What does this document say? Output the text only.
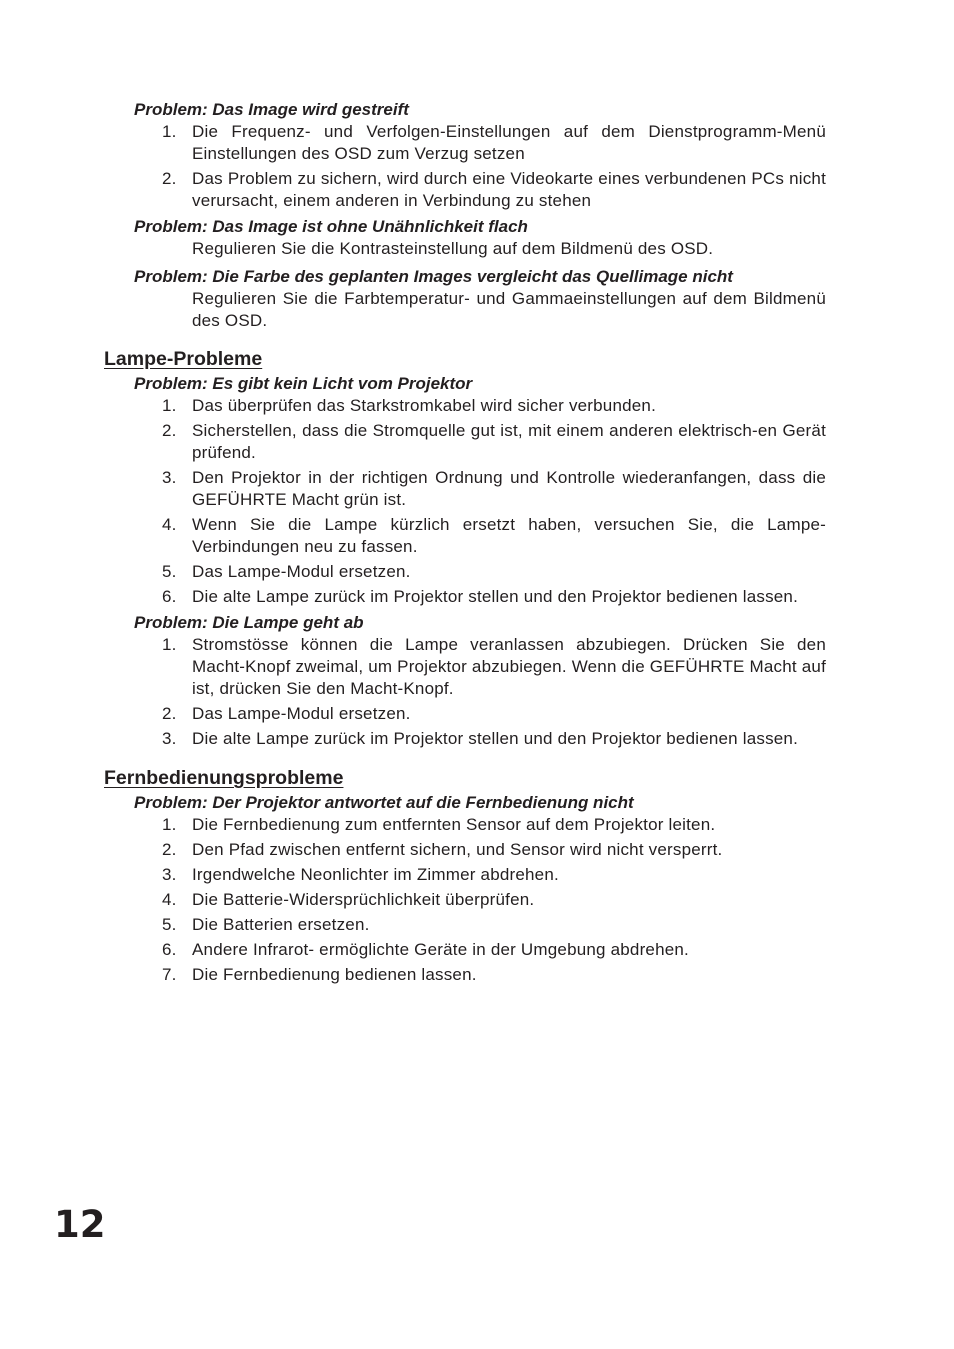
Problem: Das Image wird gestreift
1. Die Frequenz- und Verfolgen-Einstellungen auf dem Dienstprogramm-Menü Einstellungen des OSD zum Verzug setzen
2. Das Problem zu sichern, wird durch eine Videokarte eines verbundenen PCs nicht verursacht, einem anderen in Verbindung zu stehen
Problem: Das Image ist ohne Unähnlichkeit flach
Regulieren Sie die Kontrasteinstellung auf dem Bildmenü des OSD.
Problem: Die Farbe des geplanten Images vergleicht das Quellimage nicht
Regulieren Sie die Farbtemperatur- und Gammaeinstellungen auf dem Bildmenü des OSD.
Lampe-Probleme
Problem: Es gibt kein Licht vom Projektor
1. Das überprüfen das Starkstromkabel wird sicher verbunden.
2. Sicherstellen, dass die Stromquelle gut ist, mit einem anderen elektrisch-en Gerät prüfend.
3. Den Projektor in der richtigen Ordnung und Kontrolle wiederanfangen, dass die GEFÜHRTE Macht grün ist.
4. Wenn Sie die Lampe kürzlich ersetzt haben, versuchen Sie, die Lampe-Verbindungen neu zu fassen.
5. Das Lampe-Modul ersetzen.
6. Die alte Lampe zurück im Projektor stellen und den Projektor bedienen lassen.
Problem: Die Lampe geht ab
1. Stromstösse können die Lampe veranlassen abzubiegen. Drücken Sie den Macht-Knopf zweimal, um Projektor abzubiegen. Wenn die GEFÜHRTE Macht auf ist, drücken Sie den Macht-Knopf.
2. Das Lampe-Modul ersetzen.
3. Die alte Lampe zurück im Projektor stellen und den Projektor bedienen lassen.
Fernbedienungsprobleme
Problem: Der Projektor antwortet auf die Fernbedienung nicht
1. Die Fernbedienung zum entfernten Sensor auf dem Projektor leiten.
2. Den Pfad zwischen entfernt sichern, und Sensor wird nicht versperrt.
3. Irgendwelche Neonlichter im Zimmer abdrehen.
4. Die Batterie-Widersprüchlichkeit überprüfen.
5. Die Batterien ersetzen.
6. Andere Infrarot- ermöglichte Geräte in der Umgebung abdrehen.
7. Die Fernbedienung bedienen lassen.
12
